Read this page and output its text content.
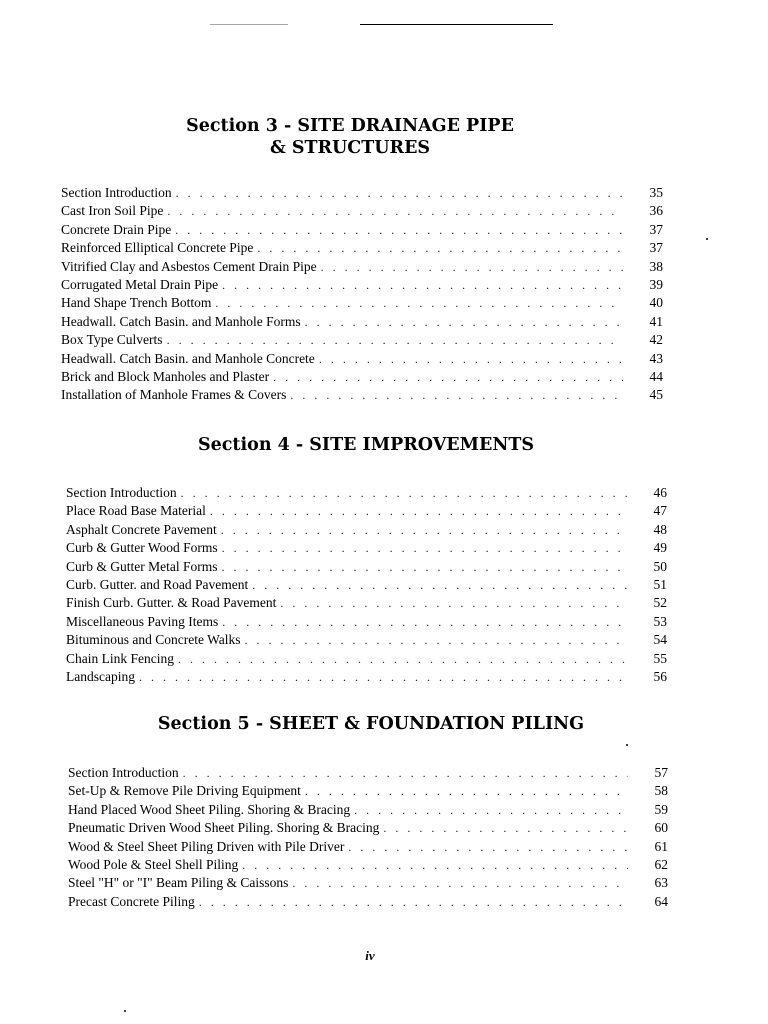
Section 3 - SITE DRAINAGE PIPE
& STRUCTURES
Section Introduction . . .	35
Cast Iron Soil Pipe . . .	36
Concrete Drain Pipe . . .	37
Reinforced Elliptical Concrete Pipe . . .	37
Vitrified Clay and Asbestos Cement Drain Pipe . . .	38
Corrugated Metal Drain Pipe . . .	39
Hand Shape Trench Bottom . . .	40
Headwall. Catch Basin. and Manhole Forms . . .	41
Box Type Culverts . . .	42
Headwall. Catch Basin. and Manhole Concrete . . .	43
Brick and Block Manholes and Plaster . . .	44
Installation of Manhole Frames & Covers . . .	45
Section 4 - SITE IMPROVEMENTS
Section Introduction . . .	46
Place Road Base Material . . .	47
Asphalt Concrete Pavement . . .	48
Curb & Gutter Wood Forms . . .	49
Curb & Gutter Metal Forms . . .	50
Curb. Gutter. and Road Pavement . . .	51
Finish Curb. Gutter. & Road Pavement . . .	52
Miscellaneous Paving Items . . .	53
Bituminous and Concrete Walks . . .	54
Chain Link Fencing . . .	55
Landscaping . . .	56
Section 5 - SHEET & FOUNDATION PILING
Section Introduction . . .	57
Set-Up & Remove Pile Driving Equipment . . .	58
Hand Placed Wood Sheet Piling. Shoring & Bracing . . .	59
Pneumatic Driven Wood Sheet Piling. Shoring & Bracing . . .	60
Wood & Steel Sheet Piling Driven with Pile Driver . . .	61
Wood Pole & Steel Shell Piling . . .	62
Steel "H" or "I" Beam Piling & Caissons . . .	63
Precast Concrete Piling . . .	64
iv
